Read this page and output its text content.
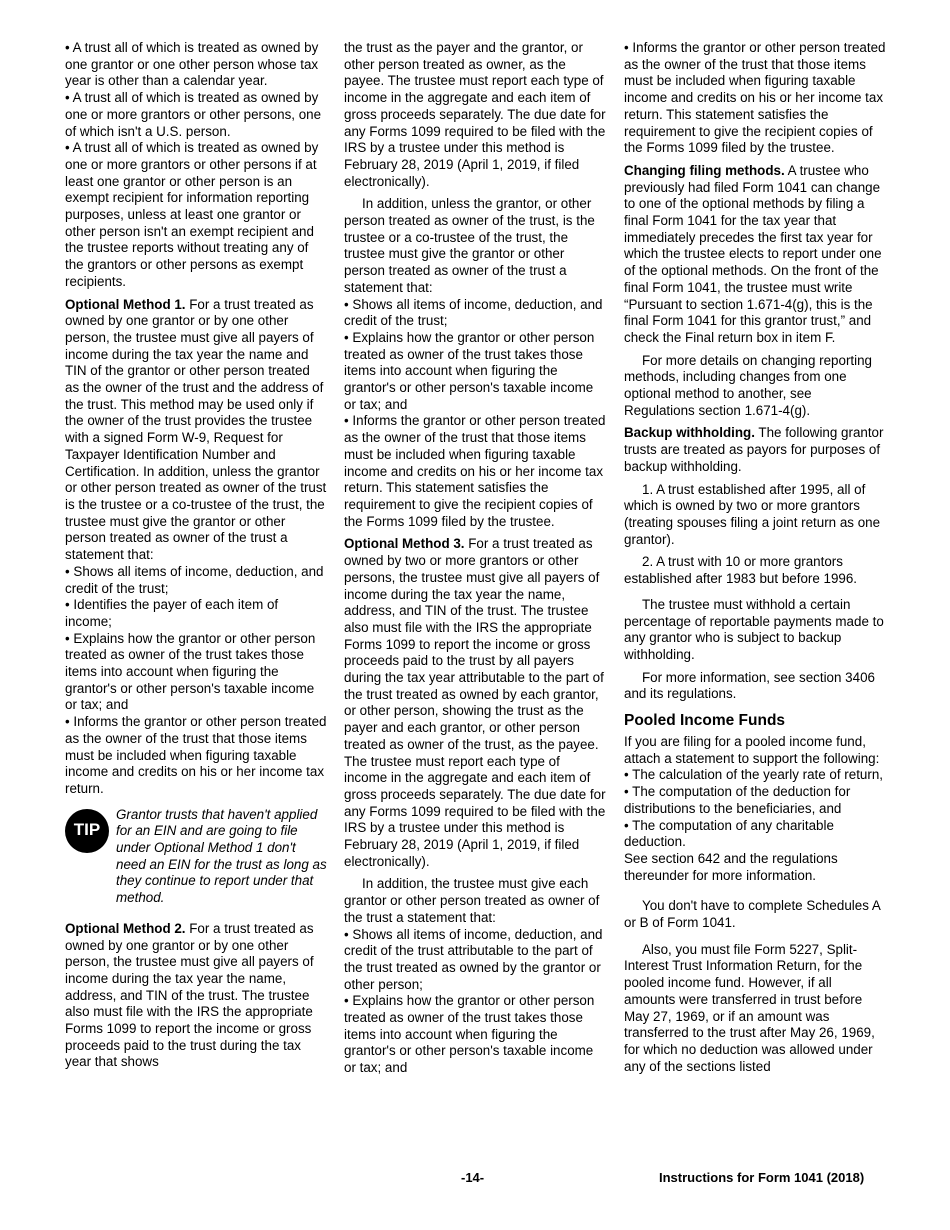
• A trust all of which is treated as owned by one grantor or one other person whose tax year is other than a calendar year.

• A trust all of which is treated as owned by one or more grantors or other persons, one of which isn't a U.S. person.

• A trust all of which is treated as owned by one or more grantors or other persons if at least one grantor or other person is an exempt recipient for information reporting purposes, unless at least one grantor or other person isn't an exempt recipient and the trustee reports without treating any of the grantors or other persons as exempt recipients.

Optional Method 1. For a trust treated as owned by one grantor or by one other person, the trustee must give all payers of income during the tax year the name and TIN of the grantor or other person treated as the owner of the trust and the address of the trust. This method may be used only if the owner of the trust provides the trustee with a signed Form W-9, Request for Taxpayer Identification Number and Certification. In addition, unless the grantor or other person treated as owner of the trust is the trustee or a co-trustee of the trust, the trustee must give the grantor or other person treated as owner of the trust a statement that:

• Shows all items of income, deduction, and credit of the trust;

• Identifies the payer of each item of income;

• Explains how the grantor or other person treated as owner of the trust takes those items into account when figuring the grantor's or other person's taxable income or tax; and

• Informs the grantor or other person treated as the owner of the trust that those items must be included when figuring taxable income and credits on his or her income tax return.

TIP
Grantor trusts that haven't applied for an EIN and are going to file under Optional Method 1 don't need an EIN for the trust as long as they continue to report under that method.

Optional Method 2. For a trust treated as owned by one grantor or by one other person, the trustee must give all payers of income during the tax year the name, address, and TIN of the trust. The trustee also must file with the IRS the appropriate Forms 1099 to report the income or gross proceeds paid to the trust during the tax year that shows

the trust as the payer and the grantor, or other person treated as owner, as the payee. The trustee must report each type of income in the aggregate and each item of gross proceeds separately. The due date for any Forms 1099 required to be filed with the IRS by a trustee under this method is February 28, 2019 (April 1, 2019, if filed electronically).

In addition, unless the grantor, or other person treated as owner of the trust, is the trustee or a co-trustee of the trust, the trustee must give the grantor or other person treated as owner of the trust a statement that:

• Shows all items of income, deduction, and credit of the trust;

• Explains how the grantor or other person treated as owner of the trust takes those items into account when figuring the grantor's or other person's taxable income or tax; and

• Informs the grantor or other person treated as the owner of the trust that those items must be included when figuring taxable income and credits on his or her income tax return. This statement satisfies the requirement to give the recipient copies of the Forms 1099 filed by the trustee.

Optional Method 3. For a trust treated as owned by two or more grantors or other persons, the trustee must give all payers of income during the tax year the name, address, and TIN of the trust. The trustee also must file with the IRS the appropriate Forms 1099 to report the income or gross proceeds paid to the trust by all payers during the tax year attributable to the part of the trust treated as owned by each grantor, or other person, showing the trust as the payer and each grantor, or other person treated as owner of the trust, as the payee. The trustee must report each type of income in the aggregate and each item of gross proceeds separately. The due date for any Forms 1099 required to be filed with the IRS by a trustee under this method is February 28, 2019 (April 1, 2019, if filed electronically).

In addition, the trustee must give each grantor or other person treated as owner of the trust a statement that:

• Shows all items of income, deduction, and credit of the trust attributable to the part of the trust treated as owned by the grantor or other person;

• Explains how the grantor or other person treated as owner of the trust takes those items into account when figuring the grantor's or other person's taxable income or tax; and

• Informs the grantor or other person treated as the owner of the trust that those items must be included when figuring taxable income and credits on his or her income tax return. This statement satisfies the requirement to give the recipient copies of the Forms 1099 filed by the trustee.

Changing filing methods. A trustee who previously had filed Form 1041 can change to one of the optional methods by filing a final Form 1041 for the tax year that immediately precedes the first tax year for which the trustee elects to report under one of the optional methods. On the front of the final Form 1041, the trustee must write “Pursuant to section 1.671-4(g), this is the final Form 1041 for this grantor trust,” and check the Final return box in item F.

For more details on changing reporting methods, including changes from one optional method to another, see Regulations section 1.671-4(g).

Backup withholding. The following grantor trusts are treated as payors for purposes of backup withholding.

1. A trust established after 1995, all of which is owned by two or more grantors (treating spouses filing a joint return as one grantor).

2. A trust with 10 or more grantors established after 1983 but before 1996.

The trustee must withhold a certain percentage of reportable payments made to any grantor who is subject to backup withholding.

For more information, see section 3406 and its regulations.

Pooled Income Funds

If you are filing for a pooled income fund, attach a statement to support the following:

• The calculation of the yearly rate of return,

• The computation of the deduction for distributions to the beneficiaries, and

• The computation of any charitable deduction.

See section 642 and the regulations thereunder for more information.

You don't have to complete Schedules A or B of Form 1041.

Also, you must file Form 5227, Split-Interest Trust Information Return, for the pooled income fund. However, if all amounts were transferred in trust before May 27, 1969, or if an amount was transferred to the trust after May 26, 1969, for which no deduction was allowed under any of the sections listed

-14-	Instructions for Form 1041 (2018)
